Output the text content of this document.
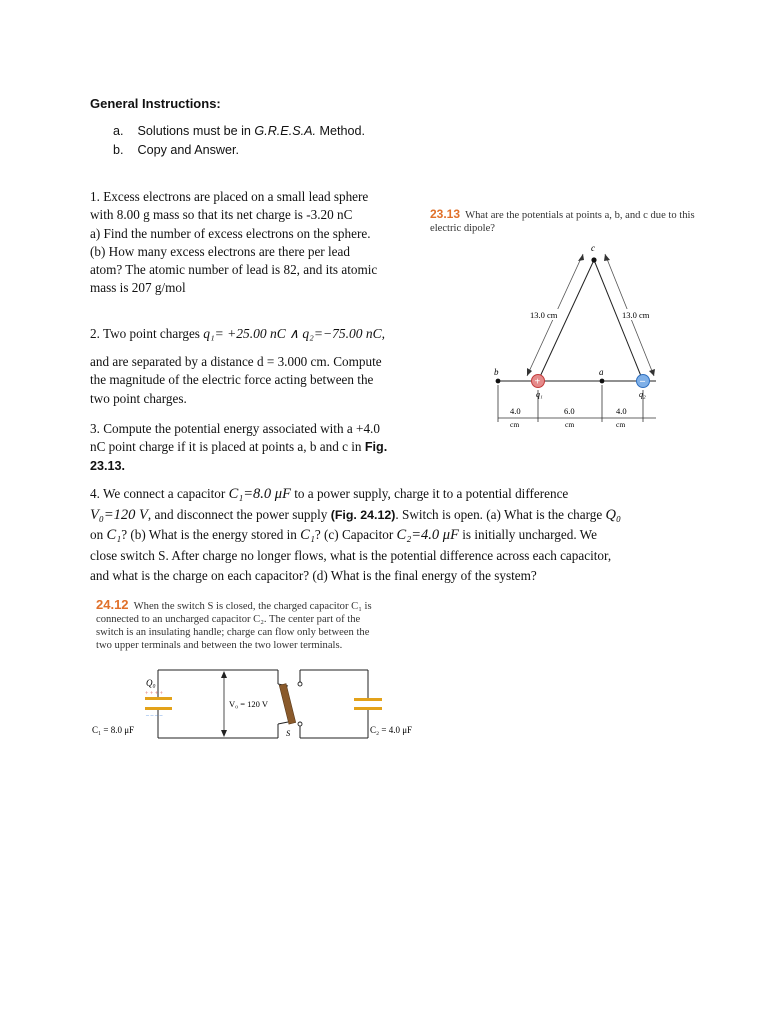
General Instructions:
a. Solutions must be in G.R.E.S.A. Method.
b. Copy and Answer.
1. Excess electrons are placed on a small lead sphere
with 8.00 g mass so that its net charge is -3.20 nC
a) Find the number of excess electrons on the sphere.
(b) How many excess electrons are there per lead
atom? The atomic number of lead is 82, and its atomic
mass is 207 g/mol
2. Two point charges q₁= +25.00 nC ∧ q₂=−75.00 nC,
and are separated by a distance d = 3.000 cm. Compute
the magnitude of the electric force acting between the
two point charges.
3. Compute the potential energy associated with a +4.0
nC point charge if it is placed at points a, b and c in Fig.
23.13.
23.13 What are the potentials at points a, b, and c due to this
electric dipole?
c
b	a
13.0 cm	13.0 cm
+	–
q₁	q₂
4.0
cm
6.0
cm
4.0
cm
4. We connect a capacitor C₁=8.0 μF to a power supply, charge it to a potential difference
V₀=120 V, and disconnect the power supply (Fig. 24.12). Switch is open. (a) What is the charge Q₀
on C₁? (b) What is the energy stored in C₁? (c) Capacitor C₂=4.0 μF is initially uncharged. We
close switch S. After charge no longer flows, what is the potential difference across each capacitor,
and what is the charge on each capacitor? (d) What is the final energy of the system?
24.12 When the switch S is closed, the charged capacitor C₁ is
connected to an uncharged capacitor C₂. The center part of the
switch is an insulating handle; charge can flow only between the
two upper terminals and between the two lower terminals.
+ + + +
– – – –
Q₀
C₁ = 8.0 μF
V₀ = 120 V
S	C₂ = 4.0 μF
